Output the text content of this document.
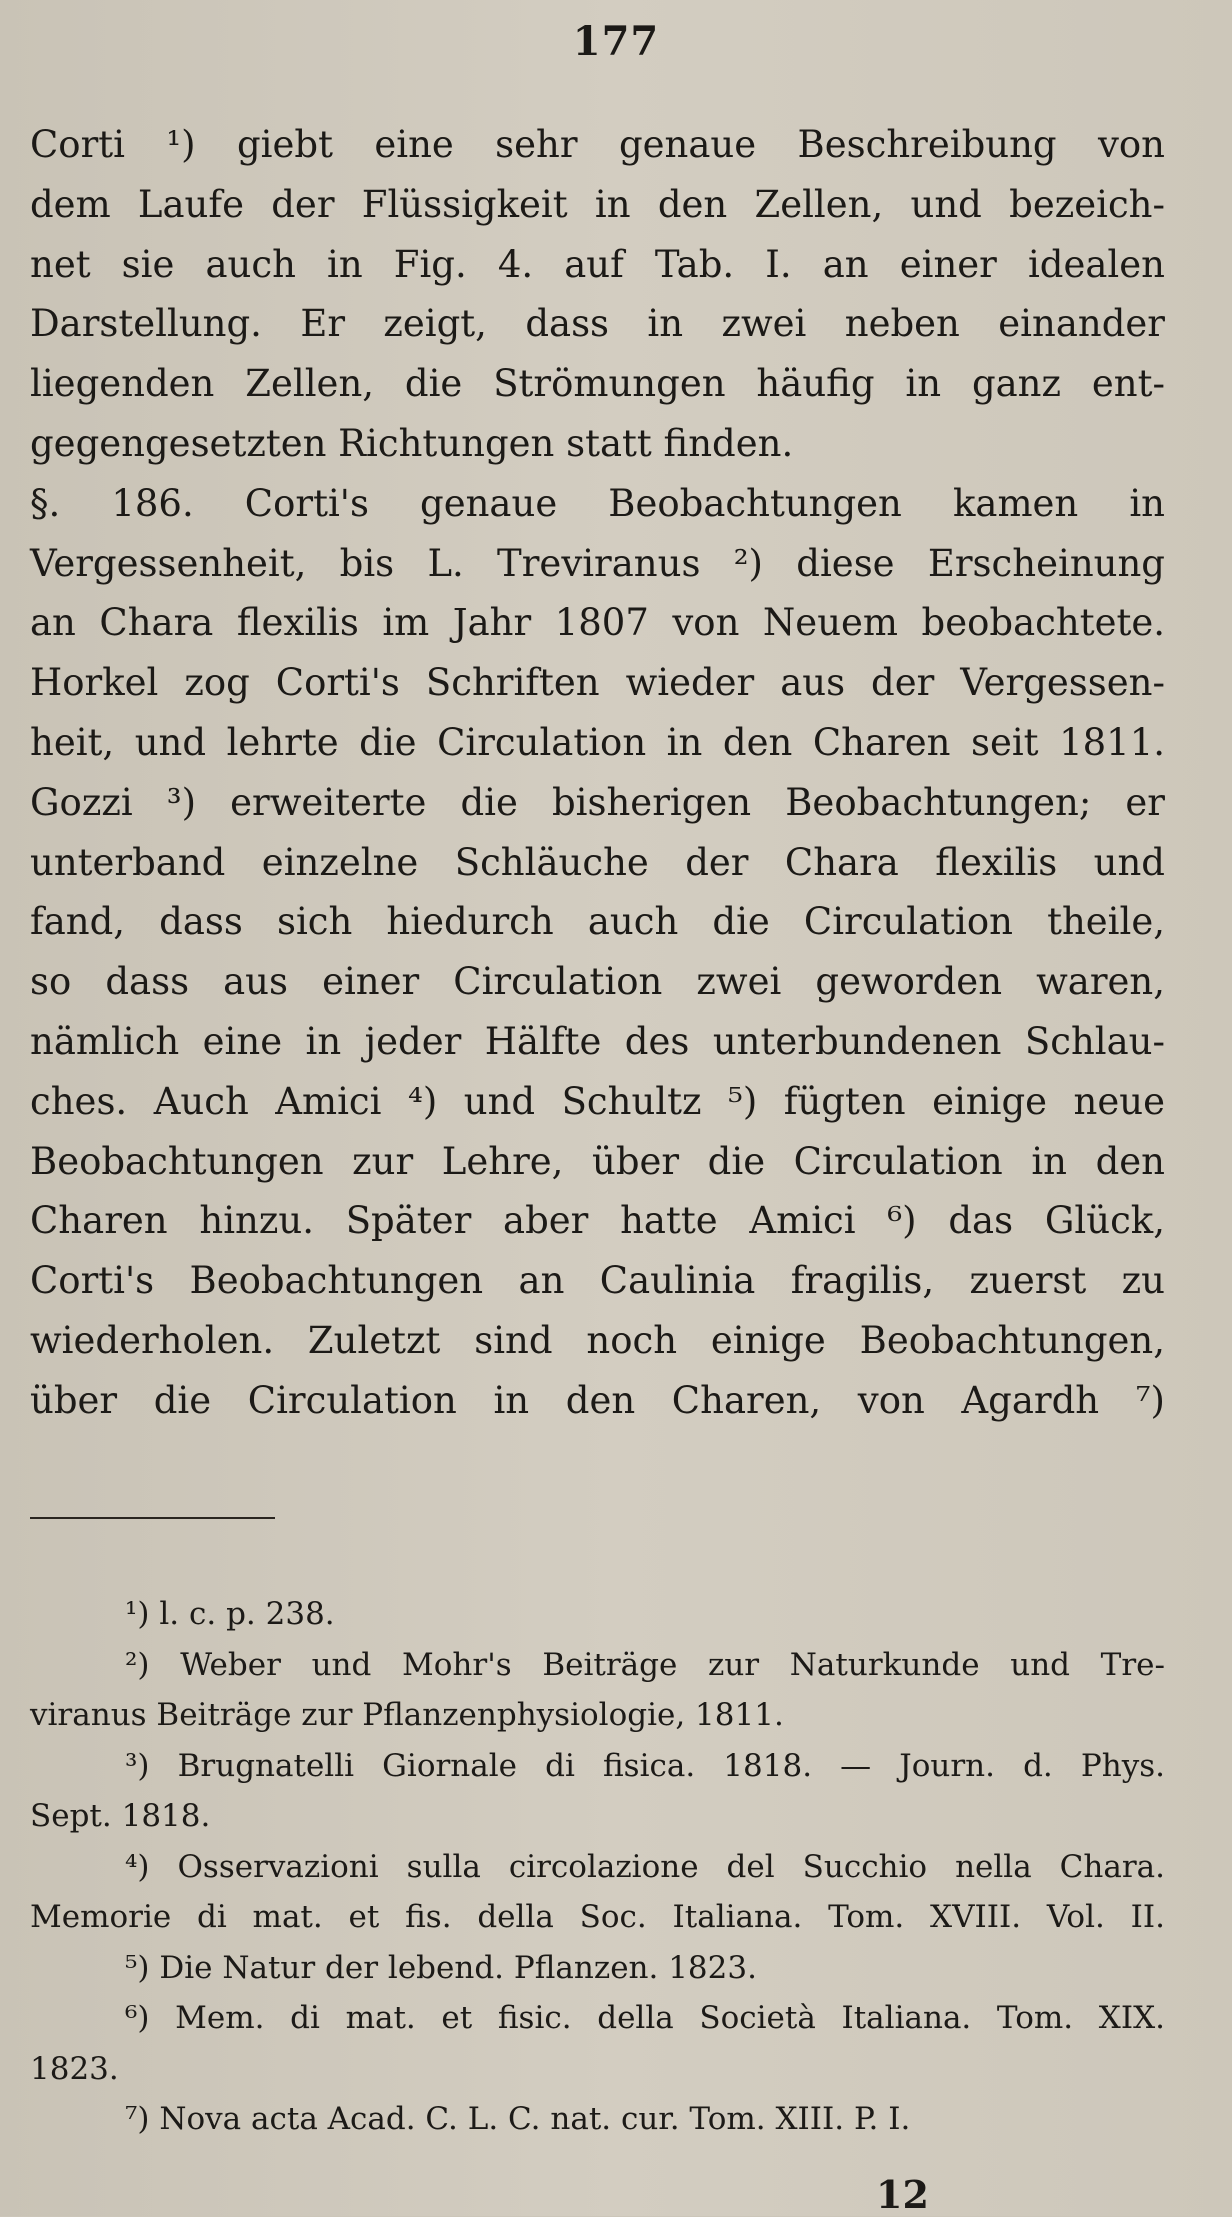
177
Corti ¹) giebt eine sehr genaue Beschreibung von
dem Laufe der Flüssigkeit in den Zellen, und bezeich-
net sie auch in Fig. 4. auf Tab. I. an einer idealen
Darstellung. Er zeigt, dass in zwei neben einander
liegenden Zellen, die Strömungen häufig in ganz ent-
gegengesetzten Richtungen statt finden.
§. 186. Corti's genaue Beobachtungen kamen in
Vergessenheit, bis L. Treviranus ²) diese Erscheinung
an Chara flexilis im Jahr 1807 von Neuem beobachtete.
Horkel zog Corti's Schriften wieder aus der Vergessen-
heit, und lehrte die Circulation in den Charen seit 1811.
Gozzi ³) erweiterte die bisherigen Beobachtungen; er
unterband einzelne Schläuche der Chara flexilis und
fand, dass sich hiedurch auch die Circulation theile,
so dass aus einer Circulation zwei geworden waren,
nämlich eine in jeder Hälfte des unterbundenen Schlau-
ches. Auch Amici ⁴) und Schultz ⁵) fügten einige neue
Beobachtungen zur Lehre, über die Circulation in den
Charen hinzu. Später aber hatte Amici ⁶) das Glück,
Corti's Beobachtungen an Caulinia fragilis, zuerst zu
wiederholen. Zuletzt sind noch einige Beobachtungen,
über die Circulation in den Charen, von Agardh ⁷)
¹) l. c. p. 238.
²) Weber und Mohr's Beiträge zur Naturkunde und Tre-
viranus Beiträge zur Pflanzenphysiologie, 1811.
³) Brugnatelli Giornale di fisica. 1818. — Journ. d. Phys.
Sept. 1818.
⁴) Osservazioni sulla circolazione del Succhio nella Chara.
Memorie di mat. et fis. della Soc. Italiana. Tom. XVIII. Vol. II.
⁵) Die Natur der lebend. Pflanzen. 1823.
⁶) Mem. di mat. et fisic. della Società Italiana. Tom. XIX.
1823.
⁷) Nova acta Acad. C. L. C. nat. cur. Tom. XIII. P. I.
12
